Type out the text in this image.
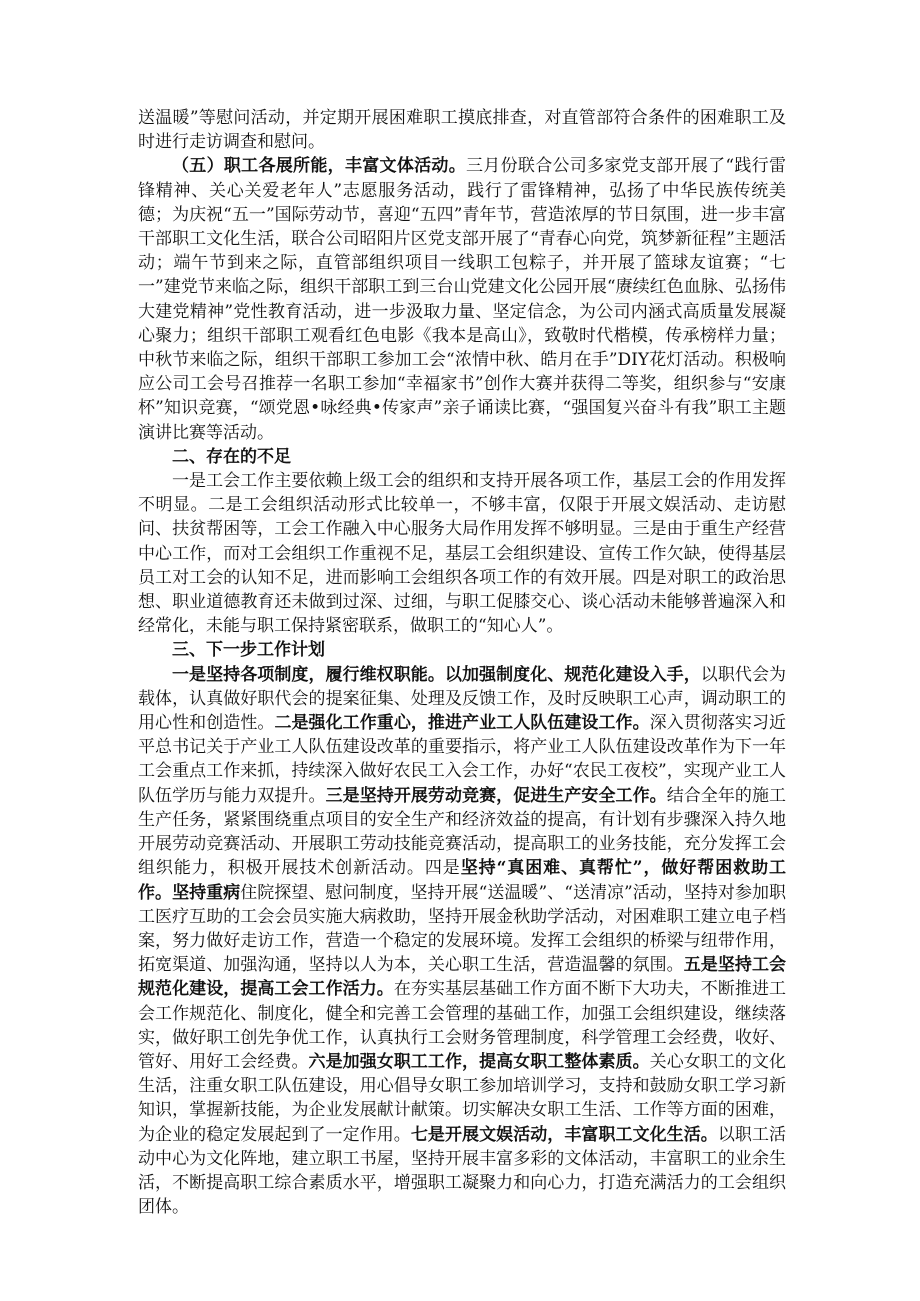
送温暖”等慰问活动，并定期开展困难职工摸底排查，对直管部符合条件的困难职工及时进行走访调查和慰问。

（五）职工各展所能，丰富文体活动。三月份联合公司多家党支部开展了“践行雷锋精神、关心关爱老年人”志愿服务活动，践行了雷锋精神，弘扬了中华民族传统美德；为庆祝“五一”国际劳动节，喜迎“五四”青年节，营造浓厚的节日氛围，进一步丰富干部职工文化生活，联合公司昭阳片区党支部开展了“青春心向党，筑梦新征程”主题活动；端午节到来之际，直管部组织项目一线职工包粽子，并开展了篮球友谊赛；“七一”建党节来临之际，组织干部职工到三台山党建文化公园开展“赓续红色血脉、弘扬伟大建党精神”党性教育活动，进一步汲取力量、坚定信念，为公司内涵式高质量发展凝心聚力；组织干部职工观看红色电影《我本是高山》，致敬时代楷模，传承榜样力量；中秋节来临之际，组织干部职工参加工会“浓情中秋、皓月在手”DIY花灯活动。积极响应公司工会号召推荐一名职工参加“幸福家书”创作大赛并获得二等奖，组织参与“安康杯”知识竞赛，“颂党恩•咏经典•传家声”亲子诵读比赛，“强国复兴奋斗有我”职工主题演讲比赛等活动。

二、存在的不足

一是工会工作主要依赖上级工会的组织和支持开展各项工作，基层工会的作用发挥不明显。二是工会组织活动形式比较单一，不够丰富，仅限于开展文娱活动、走访慰问、扶贫帮困等，工会工作融入中心服务大局作用发挥不够明显。三是由于重生产经营中心工作，而对工会组织工作重视不足，基层工会组织建设、宣传工作欠缺，使得基层员工对工会的认知不足，进而影响工会组织各项工作的有效开展。四是对职工的政治思想、职业道德教育还未做到过深、过细，与职工促膝交心、谈心活动未能够普遍深入和经常化，未能与职工保持紧密联系，做职工的“知心人”。

三、下一步工作计划

一是坚持各项制度，履行维权职能。以加强制度化、规范化建设入手，以职代会为载体，认真做好职代会的提案征集、处理及反馈工作，及时反映职工心声，调动职工的用心性和创造性。二是强化工作重心，推进产业工人队伍建设工作。深入贯彻落实习近平总书记关于产业工人队伍建设改革的重要指示，将产业工人队伍建设改革作为下一年工会重点工作来抓，持续深入做好农民工入会工作，办好“农民工夜校”，实现产业工人队伍学历与能力双提升。三是坚持开展劳动竞赛，促进生产安全工作。结合全年的施工生产任务，紧紧围绕重点项目的安全生产和经济效益的提高，有计划有步骤深入持久地开展劳动竞赛活动、开展职工劳动技能竞赛活动，提高职工的业务技能，充分发挥工会组织能力，积极开展技术创新活动。四是坚持“真困难、真帮忙”，做好帮困救助工作。坚持重病住院探望、慰问制度，坚持开展“送温暖”、“送清凉”活动，坚持对参加职工医疗互助的工会会员实施大病救助，坚持开展金秋助学活动，对困难职工建立电子档案，努力做好走访工作，营造一个稳定的发展环境。发挥工会组织的桥梁与纽带作用，拓宽渠道、加强沟通，坚持以人为本，关心职工生活，营造温馨的氛围。五是坚持工会规范化建设，提高工会工作活力。在夯实基层基础工作方面不断下大功夫，不断推进工会工作规范化、制度化，健全和完善工会管理的基础工作，加强工会组织建设，继续落实，做好职工创先争优工作，认真执行工会财务管理制度，科学管理工会经费，收好、管好、用好工会经费。六是加强女职工工作，提高女职工整体素质。关心女职工的文化生活，注重女职工队伍建设，用心倡导女职工参加培训学习，支持和鼓励女职工学习新知识，掌握新技能，为企业发展献计献策。切实解决女职工生活、工作等方面的困难，为企业的稳定发展起到了一定作用。七是开展文娱活动，丰富职工文化生活。以职工活动中心为文化阵地，建立职工书屋，坚持开展丰富多彩的文体活动，丰富职工的业余生活，不断提高职工综合素质水平，增强职工凝聚力和向心力，打造充满活力的工会组织团体。
